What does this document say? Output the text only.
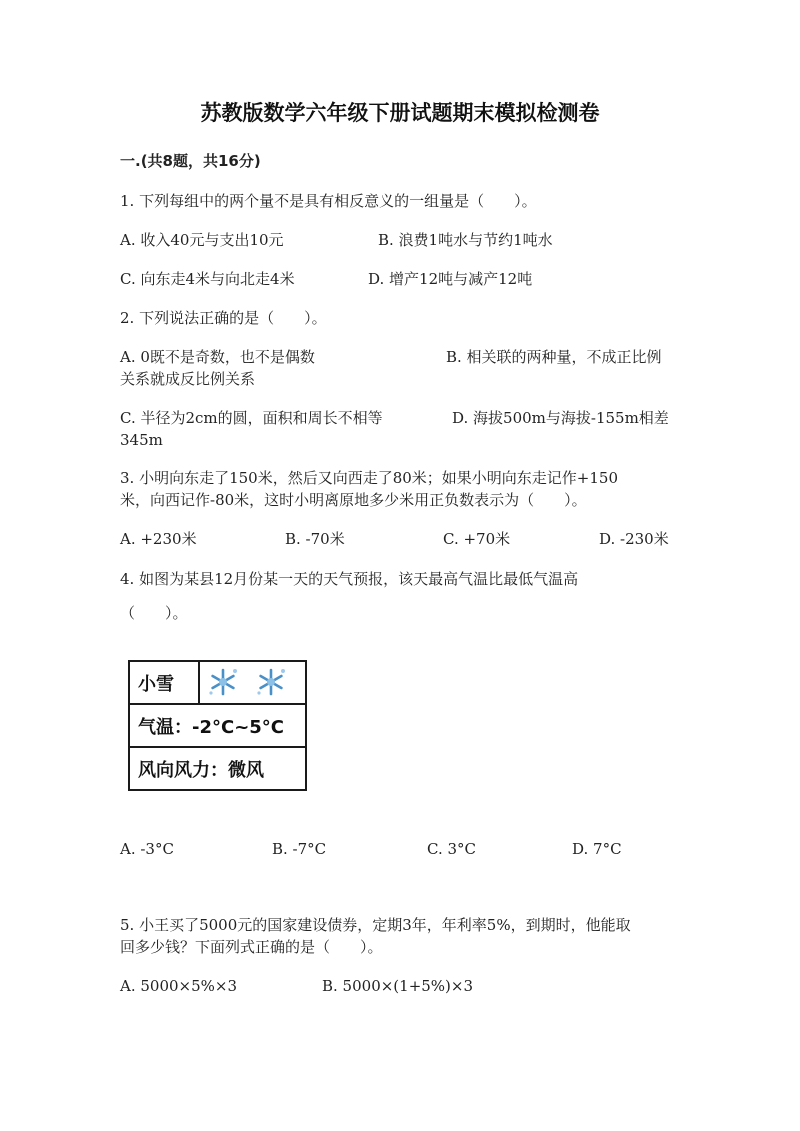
苏教版数学六年级下册试题期末模拟检测卷
一.(共8题，共16分)
1. 下列每组中的两个量不是具有相反意义的一组量是（　　）。
A. 收入40元与支出10元	B. 浪费1吨水与节约1吨水
C. 向东走4米与向北走4米	D. 增产12吨与减产12吨
2. 下列说法正确的是（　　）。
A. 0既不是奇数，也不是偶数	B. 相关联的两种量，不成正比例
关系就成反比例关系
C. 半径为2cm的圆，面积和周长不相等	D. 海拔500m与海拔-155m相差
345m
3. 小明向东走了150米，然后又向西走了80米；如果小明向东走记作+150
米，向西记作-80米，这时小明离原地多少米用正负数表示为（　　）。
A. +230米	B. -70米	C. +70米	D. -230米
4. 如图为某县12月份某一天的天气预报，该天最高气温比最低气温高
（　　）。
小雪
气温：-2°C~5°C
风向风力：微风
A. -3°C	B. -7°C	C. 3°C	D. 7°C
5. 小王买了5000元的国家建设债券，定期3年，年利率5%，到期时，他能取
回多少钱？下面列式正确的是（　　）。
A. 5000×5%×3	B. 5000×(1+5%)×3
